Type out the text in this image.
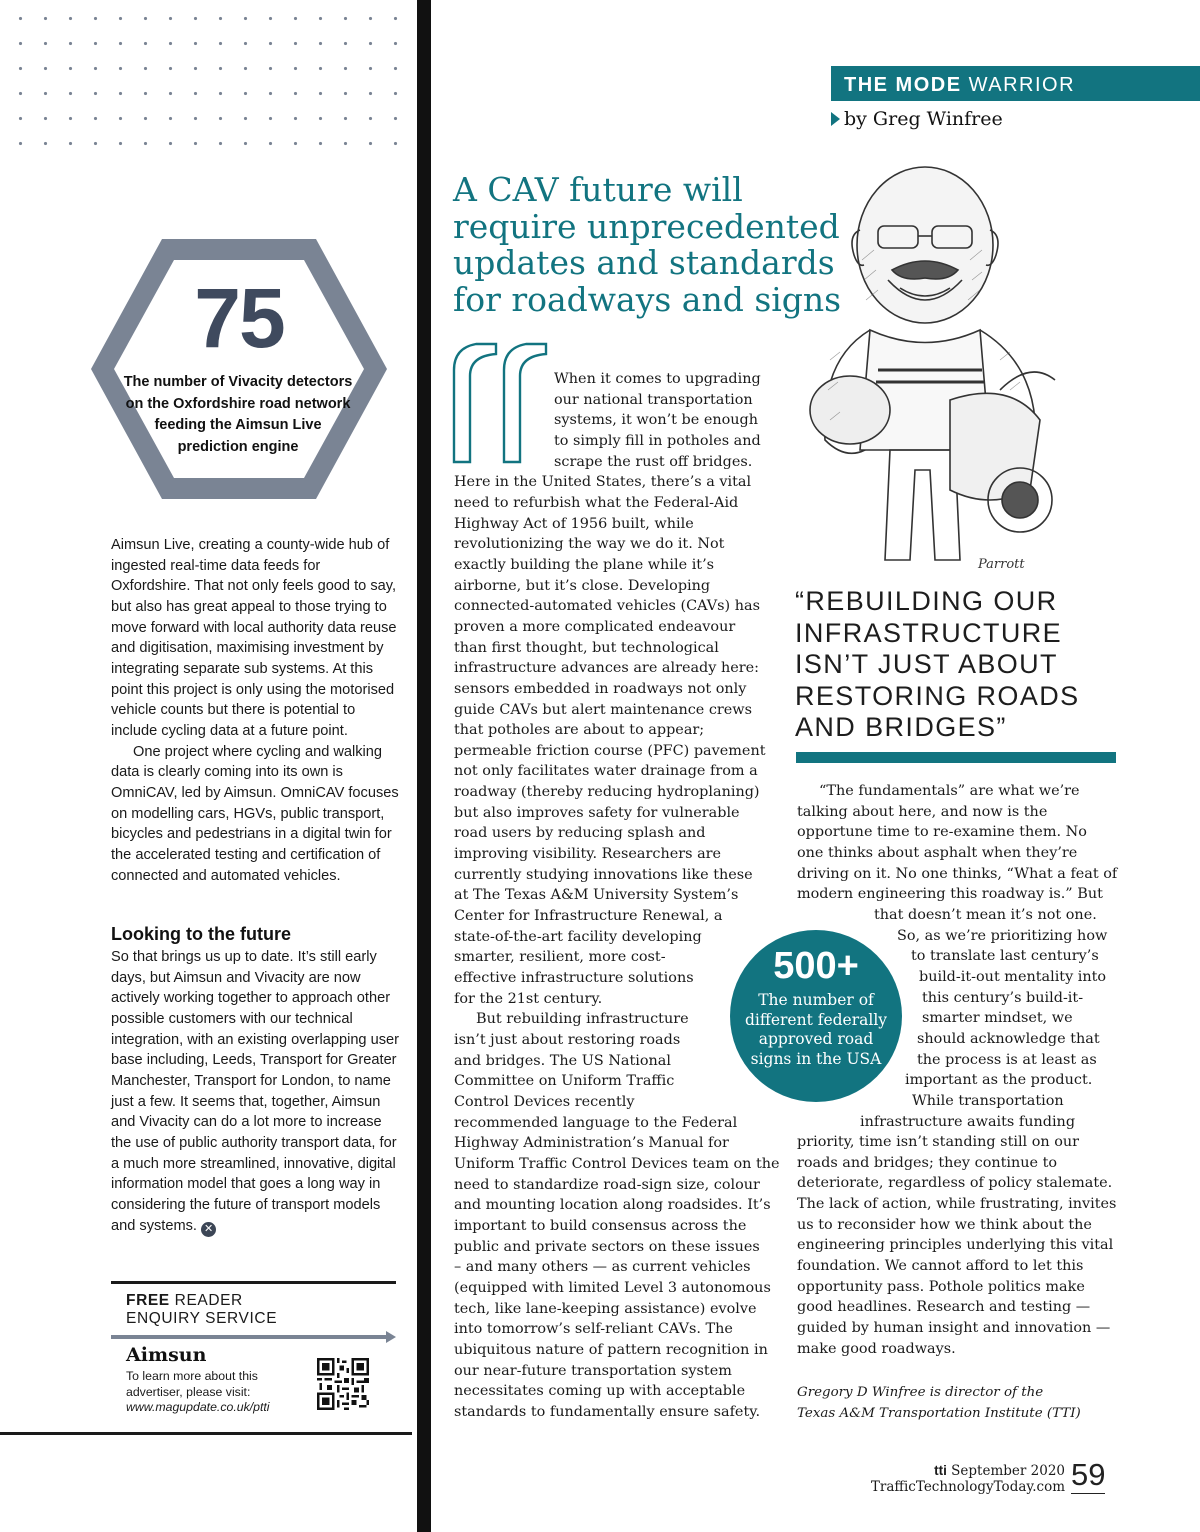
75
The number of Vivacity detectors on the Oxfordshire road network feeding the Aimsun Live prediction engine

Aimsun Live, creating a county-wide hub of ingested real-time data feeds for Oxfordshire. That not only feels good to say, but also has great appeal to those trying to move forward with local authority data reuse and digitisation, maximising investment by integrating separate sub systems. At this point this project is only using the motorised vehicle counts but there is potential to include cycling data at a future point.

One project where cycling and walking data is clearly coming into its own is OmniCAV, led by Aimsun. OmniCAV focuses on modelling cars, HGVs, public transport, bicycles and pedestrians in a digital twin for the accelerated testing and certification of connected and automated vehicles.

Looking to the future

So that brings us up to date. It’s still early days, but Aimsun and Vivacity are now actively working together to approach other possible customers with our technical integration, with an existing overlapping user base including, Leeds, Transport for Greater Manchester, Transport for London, to name just a few. It seems that, together, Aimsun and Vivacity can do a lot more to increase the use of public authority transport data, for a much more streamlined, innovative, digital information model that goes a long way in considering the future of transport models and systems. ✕

FREE READER
ENQUIRY SERVICE
Aimsun
To learn more about this advertiser, please visit:
www.magupdate.co.uk/ptti
THE MODE WARRIOR
by Greg Winfree
A CAV future will require unprecedented updates and standards for roadways and signs
Parrott
When it comes to upgrading
our national transportation
systems, it won’t be enough
to simply fill in potholes and
scrape the rust off bridges.
Here in the United States, there’s a vital
need to refurbish what the Federal-Aid
Highway Act of 1956 built, while
revolutionizing the way we do it. Not
exactly building the plane while it’s
airborne, but it’s close. Developing
connected-automated vehicles (CAVs) has
proven a more complicated endeavour
than first thought, but technological
infrastructure advances are already here:
sensors embedded in roadways not only
guide CAVs but alert maintenance crews
that potholes are about to appear;
permeable friction course (PFC) pavement
not only facilitates water drainage from a
roadway (thereby reducing hydroplaning)
but also improves safety for vulnerable
road users by reducing splash and
improving visibility. Researchers are
currently studying innovations like these
at The Texas A&M University System’s
Center for Infrastructure Renewal, a
state-of-the-art facility developing
smarter, resilient, more cost-
effective infrastructure solutions
for the 21st century.
But rebuilding infrastructure
isn’t just about restoring roads
and bridges. The US National
Committee on Uniform Traffic
Control Devices recently
recommended language to the Federal
Highway Administration’s Manual for
Uniform Traffic Control Devices team on the
need to standardize road-sign size, colour
and mounting location along roadsides. It’s
important to build consensus across the
public and private sectors on these issues
– and many others — as current vehicles
(equipped with limited Level 3 autonomous
tech, like lane-keeping assistance) evolve
into tomorrow’s self-reliant CAVs. The
ubiquitous nature of pattern recognition in
our near-future transportation system
necessitates coming up with acceptable
standards to fundamentally ensure safety.
“REBUILDING OUR INFRASTRUCTURE ISN’T JUST ABOUT RESTORING ROADS AND BRIDGES”
“The fundamentals” are what we’re
talking about here, and now is the
opportune time to re-examine them. No
one thinks about asphalt when they’re
driving on it. No one thinks, “What a feat of
modern engineering this roadway is.” But
that doesn’t mean it’s not one.
So, as we’re prioritizing how
to translate last century’s
build-it-out mentality into
this century’s build-it-
smarter mindset, we
should acknowledge that
the process is at least as
important as the product.
While transportation
infrastructure awaits funding
priority, time isn’t standing still on our
roads and bridges; they continue to
deteriorate, regardless of policy stalemate.
The lack of action, while frustrating, invites
us to reconsider how we think about the
engineering principles underlying this vital
foundation. We cannot afford to let this
opportunity pass. Pothole politics make
good headlines. Research and testing —
guided by human insight and innovation —
make good roadways.
500+
The number of different federally approved road signs in the USA
Gregory D Winfree is director of the
Texas A&M Transportation Institute (TTI)
tti September 2020
TrafficTechnologyToday.com 59
